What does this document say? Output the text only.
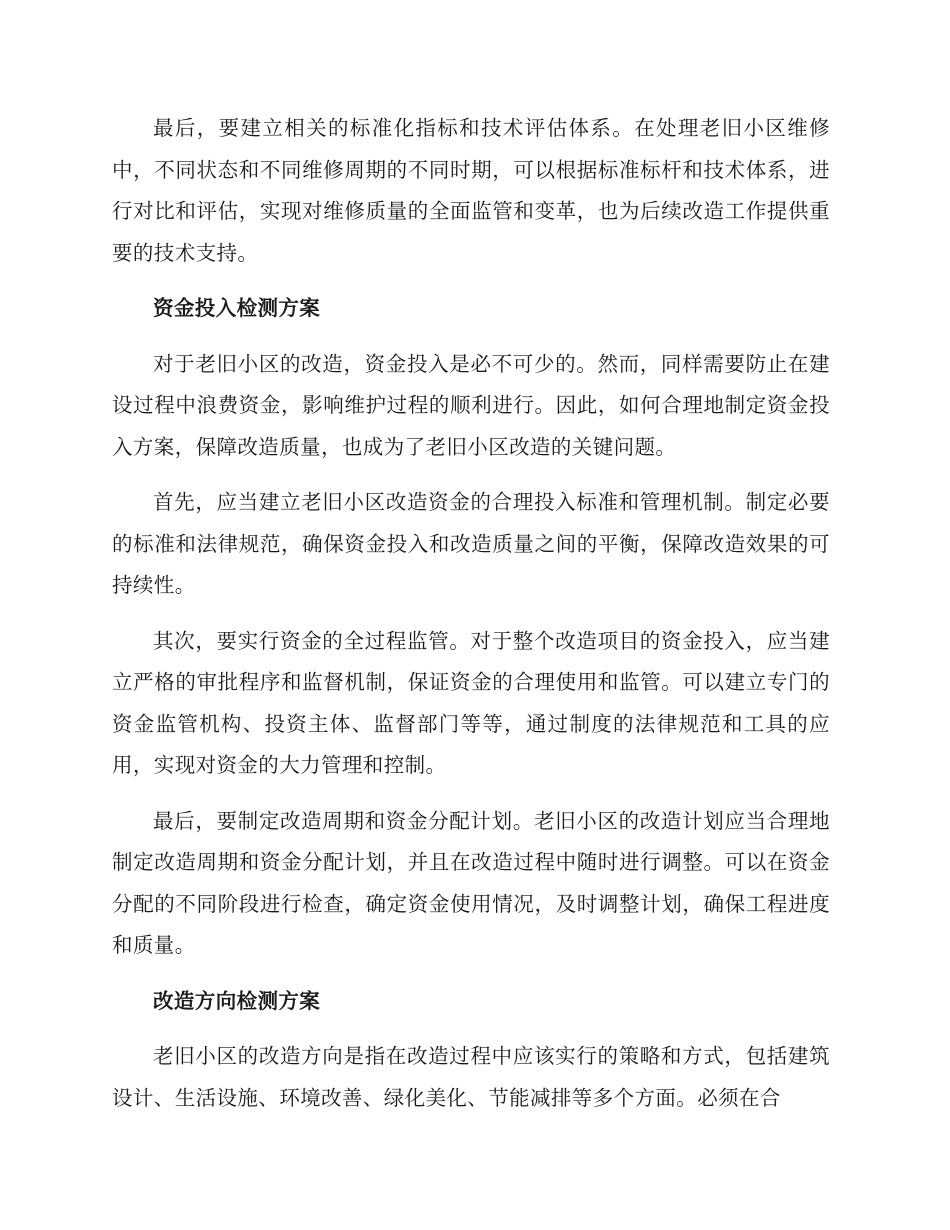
最后，要建立相关的标准化指标和技术评估体系。在处理老旧小区维修中，不同状态和不同维修周期的不同时期，可以根据标准标杆和技术体系，进行对比和评估，实现对维修质量的全面监管和变革，也为后续改造工作提供重要的技术支持。

资金投入检测方案

对于老旧小区的改造，资金投入是必不可少的。然而，同样需要防止在建设过程中浪费资金，影响维护过程的顺利进行。因此，如何合理地制定资金投入方案，保障改造质量，也成为了老旧小区改造的关键问题。

首先，应当建立老旧小区改造资金的合理投入标准和管理机制。制定必要的标准和法律规范，确保资金投入和改造质量之间的平衡，保障改造效果的可持续性。

其次，要实行资金的全过程监管。对于整个改造项目的资金投入，应当建立严格的审批程序和监督机制，保证资金的合理使用和监管。可以建立专门的资金监管机构、投资主体、监督部门等等，通过制度的法律规范和工具的应用，实现对资金的大力管理和控制。

最后，要制定改造周期和资金分配计划。老旧小区的改造计划应当合理地制定改造周期和资金分配计划，并且在改造过程中随时进行调整。可以在资金分配的不同阶段进行检查，确定资金使用情况，及时调整计划，确保工程进度和质量。

改造方向检测方案

老旧小区的改造方向是指在改造过程中应该实行的策略和方式，包括建筑设计、生活设施、环境改善、绿化美化、节能减排等多个方面。必须在合
